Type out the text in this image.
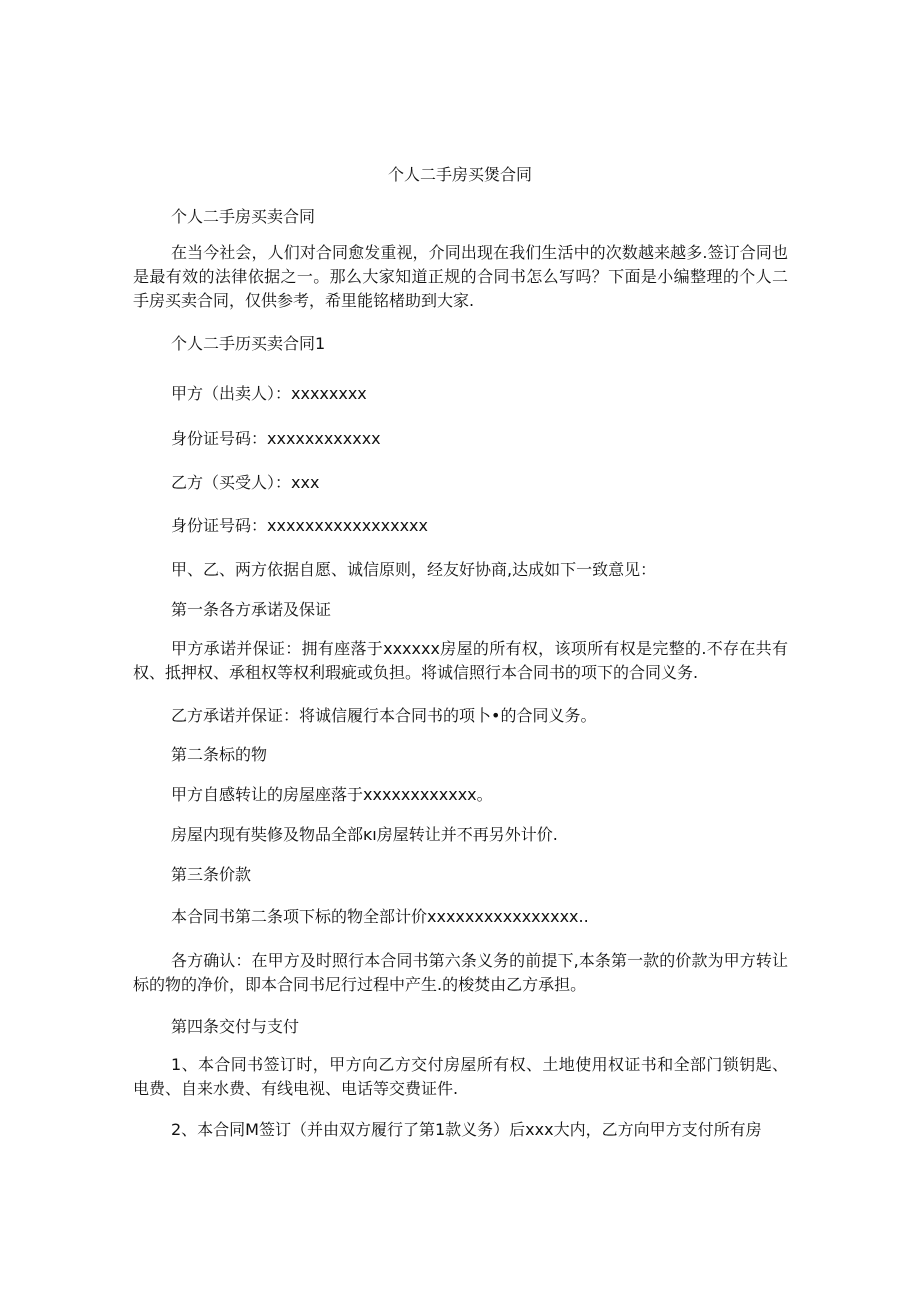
个人二手房买煲合同

个人二手房买卖合同

在当今社会，人们对合同愈发重视，介同出现在我们生活中的次数越来越多.签订合同也是最有效的法律依据之一。那么大家知道正规的合同书怎么写吗？下面是小编整理的个人二手房买卖合同，仅供参考，希里能铭楮助到大家.

个人二手历买卖合同1

甲方（出卖人）：xxxxxxxx

身份证号码：xxxxxxxxxxxx

乙方（买受人）：xxx

身份证号码：xxxxxxxxxxxxxxxxx

甲、乙、两方依据自愿、诚信原则，经友好协商,达成如下一致意见：

第一条各方承诺及保证

甲方承诺并保证：拥有座落于xxxxxx房屋的所有权，该项所有权是完整的.不存在共有权、抵押权、承租权等权利瑕疵或负担。将诚信照行本合同书的项下的合同义务.

乙方承诺并保证：将诚信履行本合同书的项卜•的合同义务。

第二条标的物

甲方自感转让的房屋座落于xxxxxxxxxxxx。

房屋内现有奘修及物品全部ĸı房屋转让并不再另外计价.

第三条价款

本合同书第二条项下标的物全部计价xxxxxxxxxxxxxxxx..

各方确认：在甲方及时照行本合同书第六条义务的前提下,本条第一款的价款为甲方转让标的物的净价，即本合同书尼行过程中产生.的梭焚由乙方承担。

第四条交付与支付

1、本合同书签订时，甲方向乙方交付房屋所有权、土地使用权证书和全部门锁钥匙、电费、自来水费、有线电视、电话等交费证件.

2、本合同M签订（并由双方履行了第1款义务）后xxx大内，乙方向甲方支付所有房
